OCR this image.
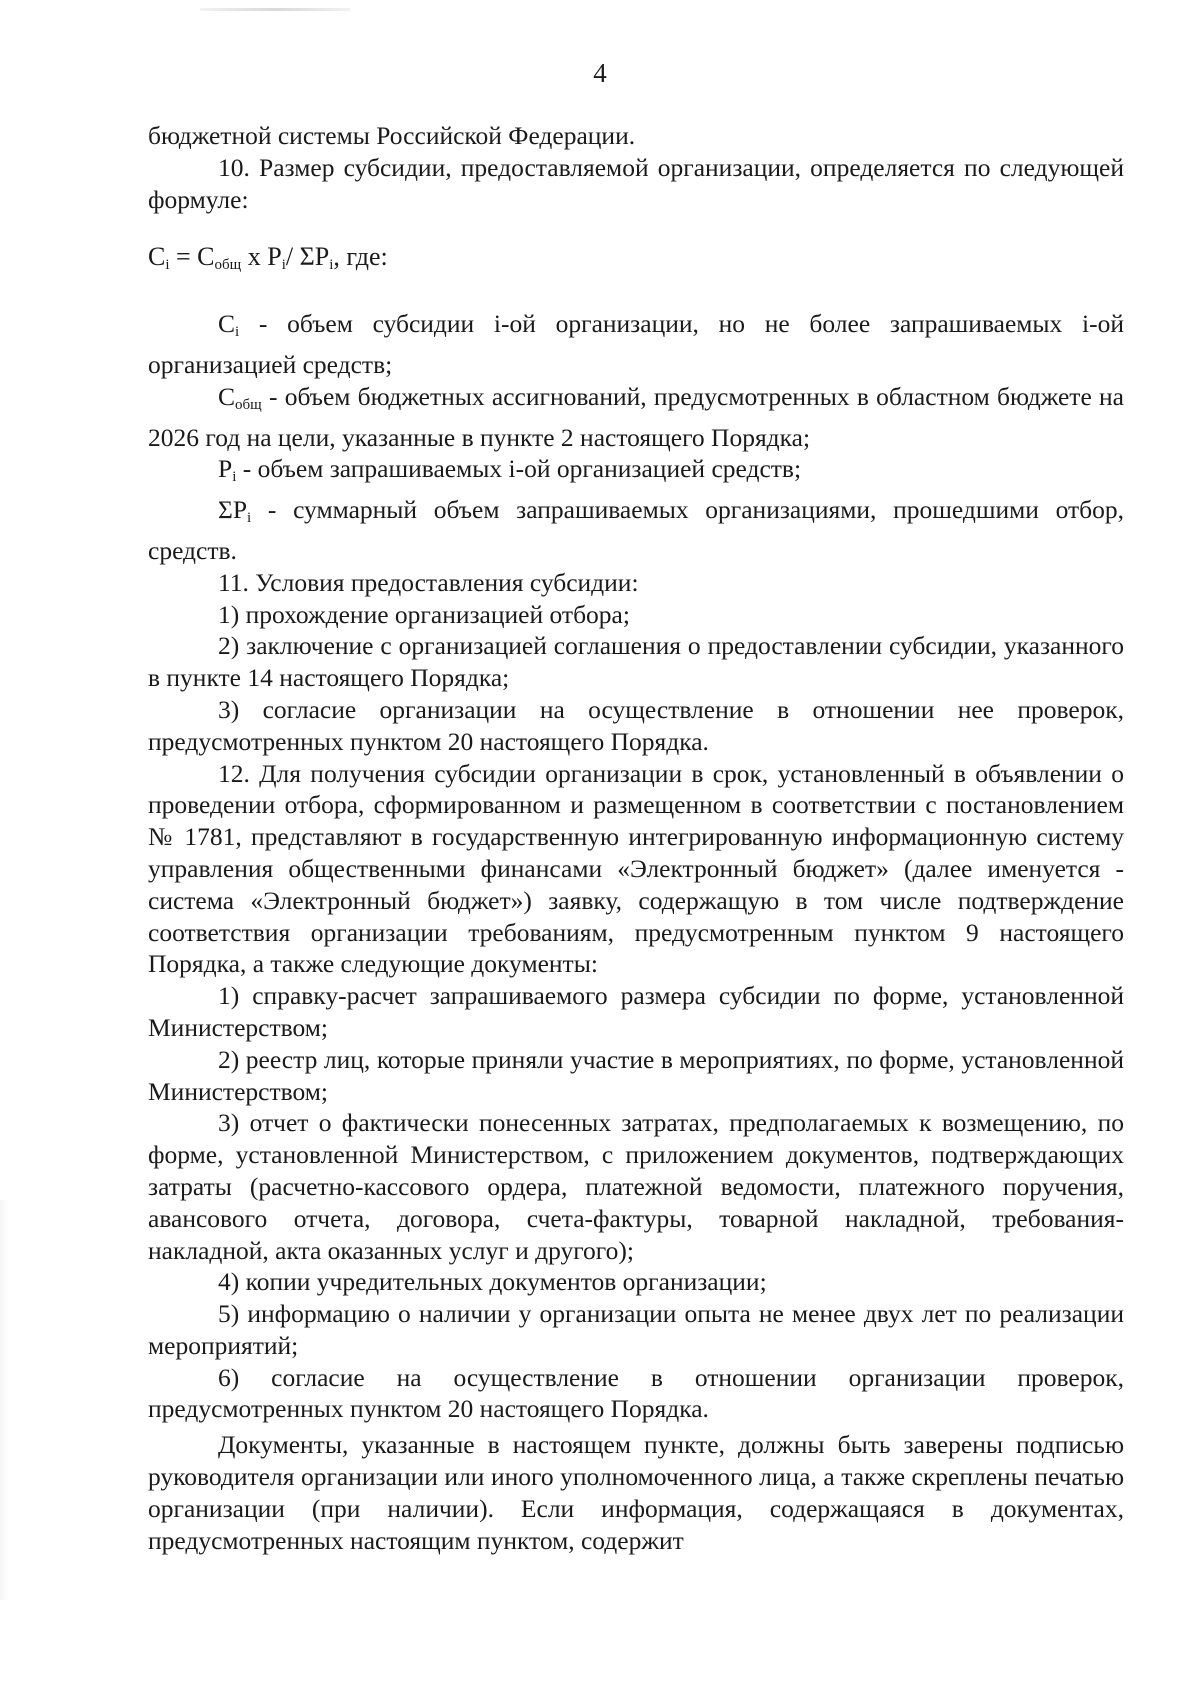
4

бюджетной системы Российской Федерации.

10. Размер субсидии, предоставляемой организации, определяется по следующей формуле:

$C_i = C_{общ}$ x $P_i/$ $\Sigma P_i$, где:

$C_i$ - объем субсидии i-ой организации, но не более запрашиваемых i-ой организацией средств;

$C_{общ}$ - объем бюджетных ассигнований, предусмотренных в областном бюджете на 2026 год на цели, указанные в пункте 2 настоящего Порядка;

$P_i$ - объем запрашиваемых i-ой организацией средств;

$\Sigma P_i$ - суммарный объем запрашиваемых организациями, прошедшими отбор, средств.

11. Условия предоставления субсидии:

1) прохождение организацией отбора;

2) заключение с организацией соглашения о предоставлении субсидии, указанного в пункте 14 настоящего Порядка;

3) согласие организации на осуществление в отношении нее проверок, предусмотренных пунктом 20 настоящего Порядка.

12. Для получения субсидии организации в срок, установленный в объявлении о проведении отбора, сформированном и размещенном в соответствии с постановлением № 1781, представляют в государственную интегрированную информационную систему управления общественными финансами «Электронный бюджет» (далее именуется - система «Электронный бюджет») заявку, содержащую в том числе подтверждение соответствия организации требованиям, предусмотренным пунктом 9 настоящего Порядка, а также следующие документы:

1) справку-расчет запрашиваемого размера субсидии по форме, установленной Министерством;

2) реестр лиц, которые приняли участие в мероприятиях, по форме, установленной Министерством;

3) отчет о фактически понесенных затратах, предполагаемых к возмещению, по форме, установленной Министерством, с приложением документов, подтверждающих затраты (расчетно-кассового ордера, платежной ведомости, платежного поручения, авансового отчета, договора, счета-фактуры, товарной накладной, требования-накладной, акта оказанных услуг и другого);

4) копии учредительных документов организации;

5) информацию о наличии у организации опыта не менее двух лет по реализации мероприятий;

6) согласие на осуществление в отношении организации проверок, предусмотренных пунктом 20 настоящего Порядка.

Документы, указанные в настоящем пункте, должны быть заверены подписью руководителя организации или иного уполномоченного лица, а также скреплены печатью организации (при наличии). Если информация, содержащаяся в документах, предусмотренных настоящим пунктом, содержит
